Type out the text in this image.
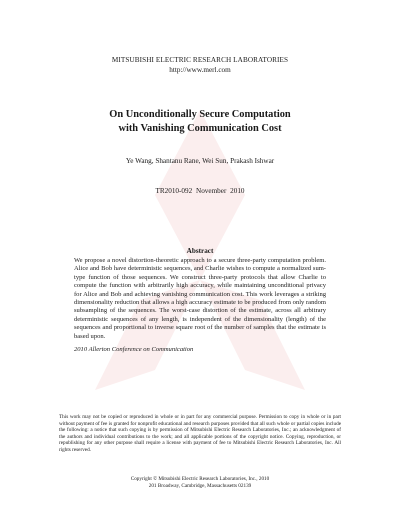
MITSUBISHI ELECTRIC RESEARCH LABORATORIES
http://www.merl.com
On Unconditionally Secure Computation
with Vanishing Communication Cost
Ye Wang, Shantanu Rane, Wei Sun, Prakash Ishwar
TR2010-092 November 2010
Abstract
We propose a novel distortion-theoretic approach to a secure three-party computation problem. Alice and Bob have deterministic sequences, and Charlie wishes to compute a normalized sum-type function of those sequences. We construct three-party protocols that allow Charlie to compute the function with arbitrarily high accuracy, while maintaining unconditional privacy for Alice and Bob and achieving vanishing communication cost. This work leverages a striking dimensionality reduction that allows a high accuracy estimate to be produced from only random subsampling of the sequences. The worst-case distortion of the estimate, across all arbitrary deterministic sequences of any length, is independent of the dimensionality (length) of the sequences and proportional to inverse square root of the number of samples that the estimate is based upon.
2010 Allerton Conference on Communication
This work may not be copied or reproduced in whole or in part for any commercial purpose. Permission to copy in whole or in part without payment of fee is granted for nonprofit educational and research purposes provided that all such whole or partial copies include the following: a notice that such copying is by permission of Mitsubishi Electric Research Laboratories, Inc.; an acknowledgment of the authors and individual contributions to the work; and all applicable portions of the copyright notice. Copying, reproduction, or republishing for any other purpose shall require a license with payment of fee to Mitsubishi Electric Research Laboratories, Inc. All rights reserved.
Copyright © Mitsubishi Electric Research Laboratories, Inc., 2010
201 Broadway, Cambridge, Massachusetts 02139
